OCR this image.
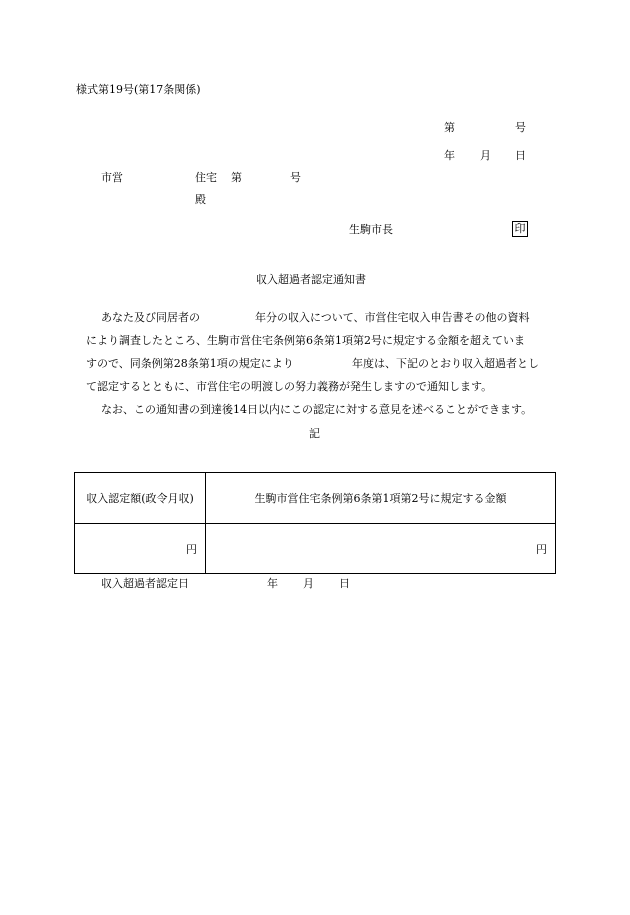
様式第19号(第17条関係)
第	号
年 月 日
市営	住宅 第	号
殿
生駒市長	印
収入超過者認定通知書
あなた及び同居者の	年分の収入について、市営住宅収入申告書その他の資料
により調査したところ、生駒市営住宅条例第6条第1項第2号に規定する金額を超えていま
すので、同条例第28条第1項の規定により	年度は、下記のとおり収入超過者とし
て認定するとともに、市営住宅の明渡しの努力義務が発生しますので通知します。
なお、この通知書の到達後14日以内にこの認定に対する意見を述べることができます。
記
収入認定額(政令月収)	生駒市営住宅条例第6条第1項第2号に規定する金額
円	円
収入超過者認定日	年 月 日
